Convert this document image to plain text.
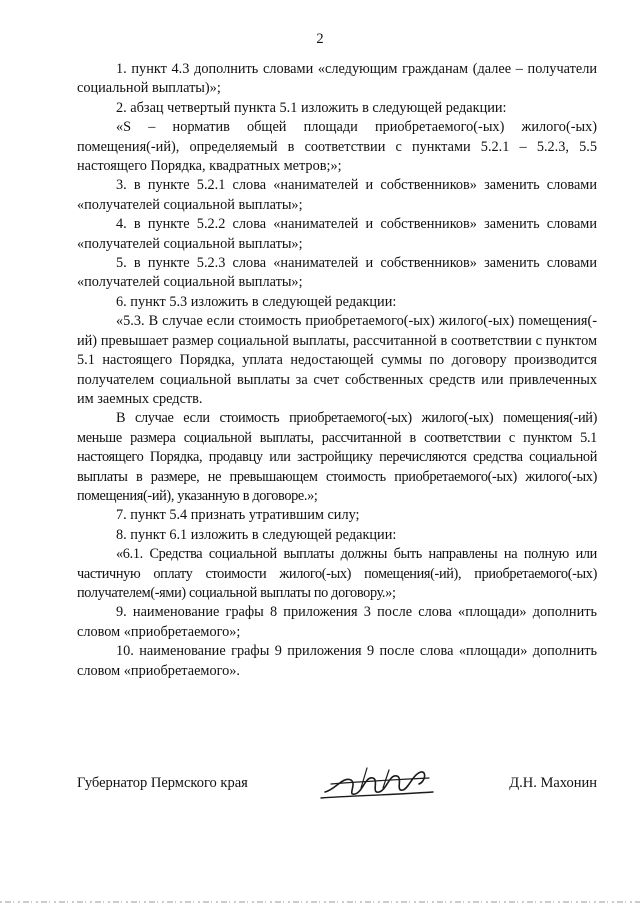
2

1. пункт 4.3 дополнить словами «следующим гражданам (далее – получатели социальной выплаты)»;

2. абзац четвертый пункта 5.1 изложить в следующей редакции:

«S – норматив общей площади приобретаемого(-ых) жилого(-ых) помещения(-ий), определяемый в соответствии с пунктами 5.2.1 – 5.2.3, 5.5 настоящего Порядка, квадратных метров;»;

3. в пункте 5.2.1 слова «нанимателей и собственников» заменить словами «получателей социальной выплаты»;

4. в пункте 5.2.2 слова «нанимателей и собственников» заменить словами «получателей социальной выплаты»;

5. в пункте 5.2.3 слова «нанимателей и собственников» заменить словами «получателей социальной выплаты»;

6. пункт 5.3 изложить в следующей редакции:

«5.3. В случае если стоимость приобретаемого(-ых) жилого(-ых) помещения(-ий) превышает размер социальной выплаты, рассчитанной в соответствии с пунктом 5.1 настоящего Порядка, уплата недостающей суммы по договору производится получателем социальной выплаты за счет собственных средств или привлеченных им заемных средств.

В случае если стоимость приобретаемого(-ых) жилого(-ых) помещения(-ий) меньше размера социальной выплаты, рассчитанной в соответствии с пунктом 5.1 настоящего Порядка, продавцу или застройщику перечисляются средства социальной выплаты в размере, не превышающем стоимость приобретаемого(-ых) жилого(-ых) помещения(-ий), указанную в договоре.»;

7. пункт 5.4 признать утратившим силу;

8. пункт 6.1 изложить в следующей редакции:

«6.1. Средства социальной выплаты должны быть направлены на полную или частичную оплату стоимости жилого(-ых) помещения(-ий), приобретаемого(-ых) получателем(-ями) социальной выплаты по договору.»;

9. наименование графы 8 приложения 3 после слова «площади» дополнить словом «приобретаемого»;

10. наименование графы 9 приложения 9 после слова «площади» дополнить словом «приобретаемого».

Губернатор Пермского края	Д.Н. Махонин
